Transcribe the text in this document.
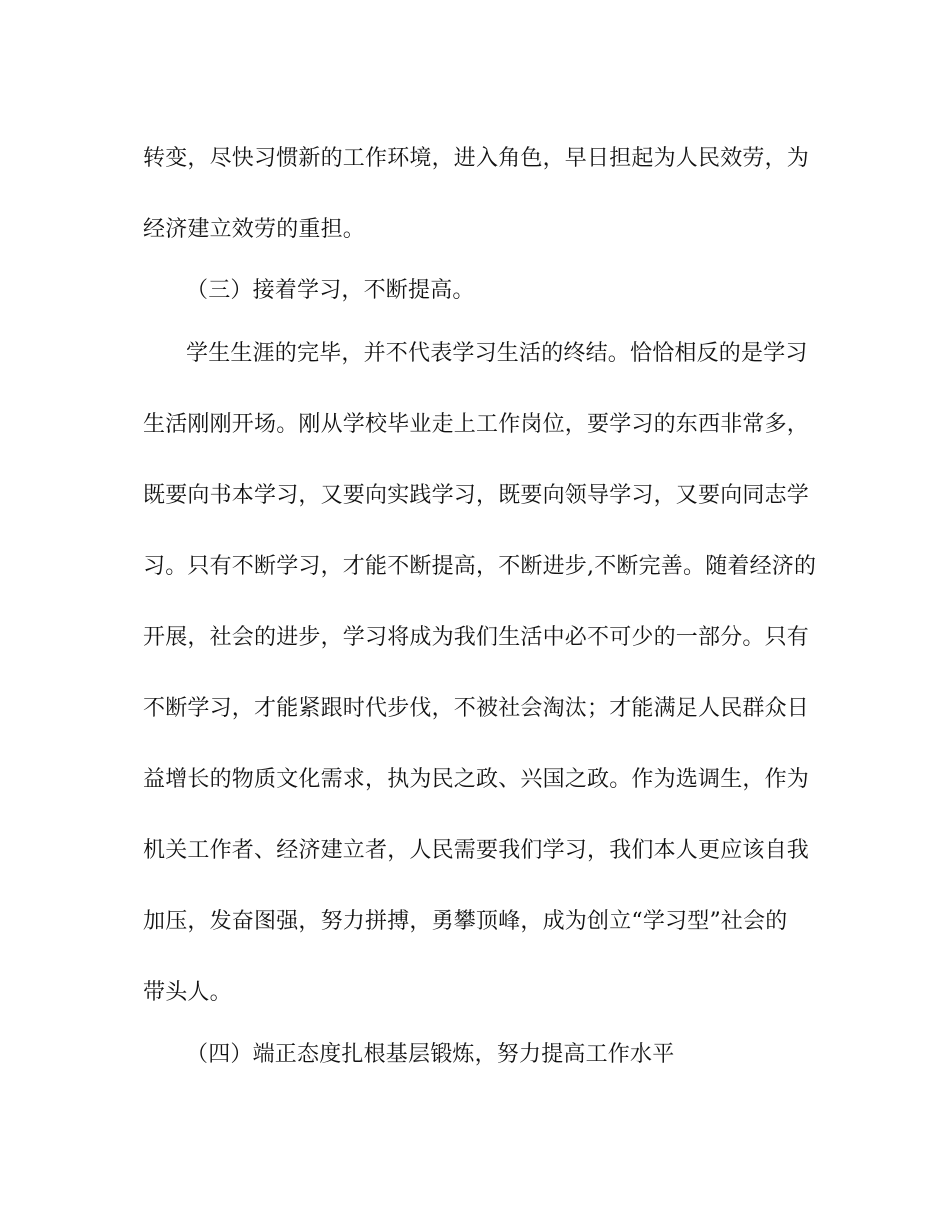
转变，尽快习惯新的工作环境，进入角色，早日担起为人民效劳，为
经济建立效劳的重担。
（三）接着学习，不断提高。
学生生涯的完毕，并不代表学习生活的终结。恰恰相反的是学习
生活刚刚开场。刚从学校毕业走上工作岗位，要学习的东西非常多，
既要向书本学习，又要向实践学习，既要向领导学习，又要向同志学
习。只有不断学习，才能不断提高，不断进步,不断完善。随着经济的
开展，社会的进步，学习将成为我们生活中必不可少的一部分。只有
不断学习，才能紧跟时代步伐，不被社会淘汰；才能满足人民群众日
益增长的物质文化需求，执为民之政、兴国之政。作为选调生，作为
机关工作者、经济建立者，人民需要我们学习，我们本人更应该自我
加压，发奋图强，努力拼搏，勇攀顶峰，成为创立“学习型”社会的
带头人。
（四）端正态度扎根基层锻炼，努力提高工作水平
